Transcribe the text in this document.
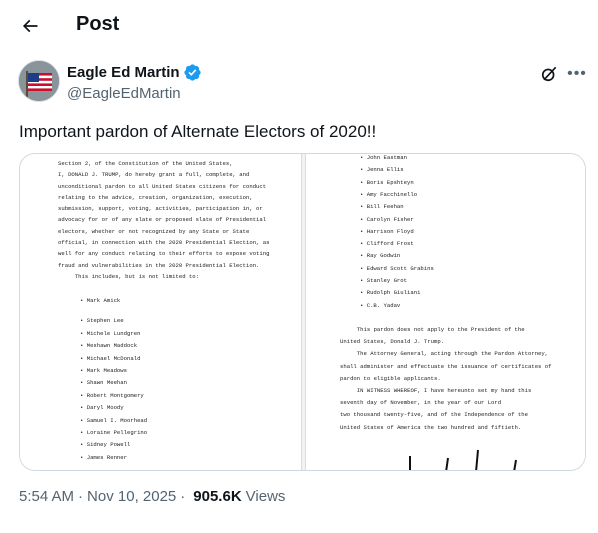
Post
Eagle Ed Martin
@EagleEdMartin
•••
Important pardon of Alternate Electors of 2020!!
Section 2, of the Constitution of the United States,
I, DONALD J. TRUMP, do hereby grant a full, complete, and
unconditional pardon to all United States citizens for conduct
relating to the advice, creation, organization, execution,
submission, support, voting, activities, participation in, or
advocacy for or of any slate or proposed slate of Presidential
electors, whether or not recognized by any State or State
official, in connection with the 2020 Presidential Election, as
well for any conduct relating to their efforts to expose voting
fraud and vulnerabilities in the 2020 Presidential Election.
This includes, but is not limited to:
• Mark Amick
• Stephen Lee
• Michele Lundgren
• Meshawn Maddock
• Michael McDonald
• Mark Meadows
• Shawn Meehan
• Robert Montgomery
• Daryl Moody
• Samuel I. Moorhead
• Loraine Pellegrino
• Sidney Powell
• James Renner
• John Eastman
• Jenna Ellis
• Boris Epshteyn
• Amy Facchinello
• Bill Feehan
• Carolyn Fisher
• Harrison Floyd
• Clifford Frost
• Ray Godwin
• Edward Scott Grabins
• Stanley Grot
• Rudolph Giuliani
• C.B. Yadav
This pardon does not apply to the President of the
United States, Donald J. Trump.
The Attorney General, acting through the Pardon Attorney,
shall administer and effectuate the issuance of certificates of
pardon to eligible applicants.
IN WITNESS WHEREOF, I have hereunto set my hand this
seventh day of November, in the year of our Lord
two thousand twenty-five, and of the Independence of the
United States of America the two hundred and fiftieth.
5:54 AM · Nov 10, 2025 · 905.6K Views
